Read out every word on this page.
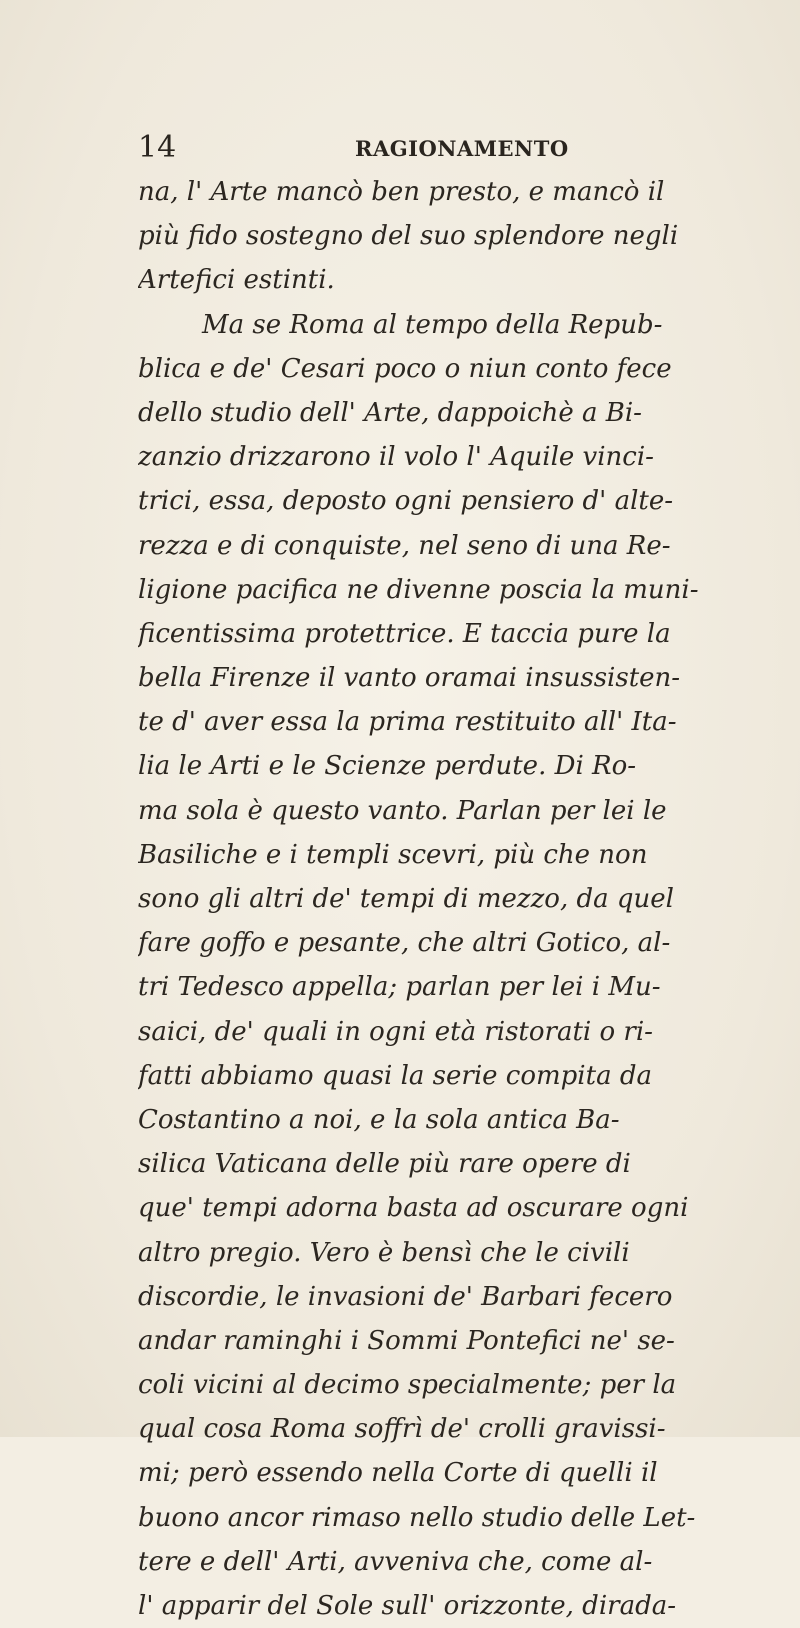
14	RAGIONAMENTO
na, l' Arte mancò ben presto, e mancò il
più fido sostegno del suo splendore negli
Artefici estinti.
Ma se Roma al tempo della Repub-
blica e de' Cesari poco o niun conto fece
dello studio dell' Arte, dappoichè a Bi-
zanzio drizzarono il volo l' Aquile vinci-
trici, essa, deposto ogni pensiero d' alte-
rezza e di conquiste, nel seno di una Re-
ligione pacifica ne divenne poscia la muni-
ficentissima protettrice. E taccia pure la
bella Firenze il vanto oramai insussisten-
te d' aver essa la prima restituito all' Ita-
lia le Arti e le Scienze perdute. Di Ro-
ma sola è questo vanto. Parlan per lei le
Basiliche e i templi scevri, più che non
sono gli altri de' tempi di mezzo, da quel
fare goffo e pesante, che altri Gotico, al-
tri Tedesco appella; parlan per lei i Mu-
saici, de' quali in ogni età ristorati o ri-
fatti abbiamo quasi la serie compita da
Costantino a noi, e la sola antica Ba-
silica Vaticana delle più rare opere di
que' tempi adorna basta ad oscurare ogni
altro pregio. Vero è bensì che le civili
discordie, le invasioni de' Barbari fecero
andar raminghi i Sommi Pontefici ne' se-
coli vicini al decimo specialmente; per la
qual cosa Roma soffrì de' crolli gravissi-
mi; però essendo nella Corte di quelli il
buono ancor rimaso nello studio delle Let-
tere e dell' Arti, avveniva che, come al-
l' apparir del Sole sull' orizzonte, dirada-
